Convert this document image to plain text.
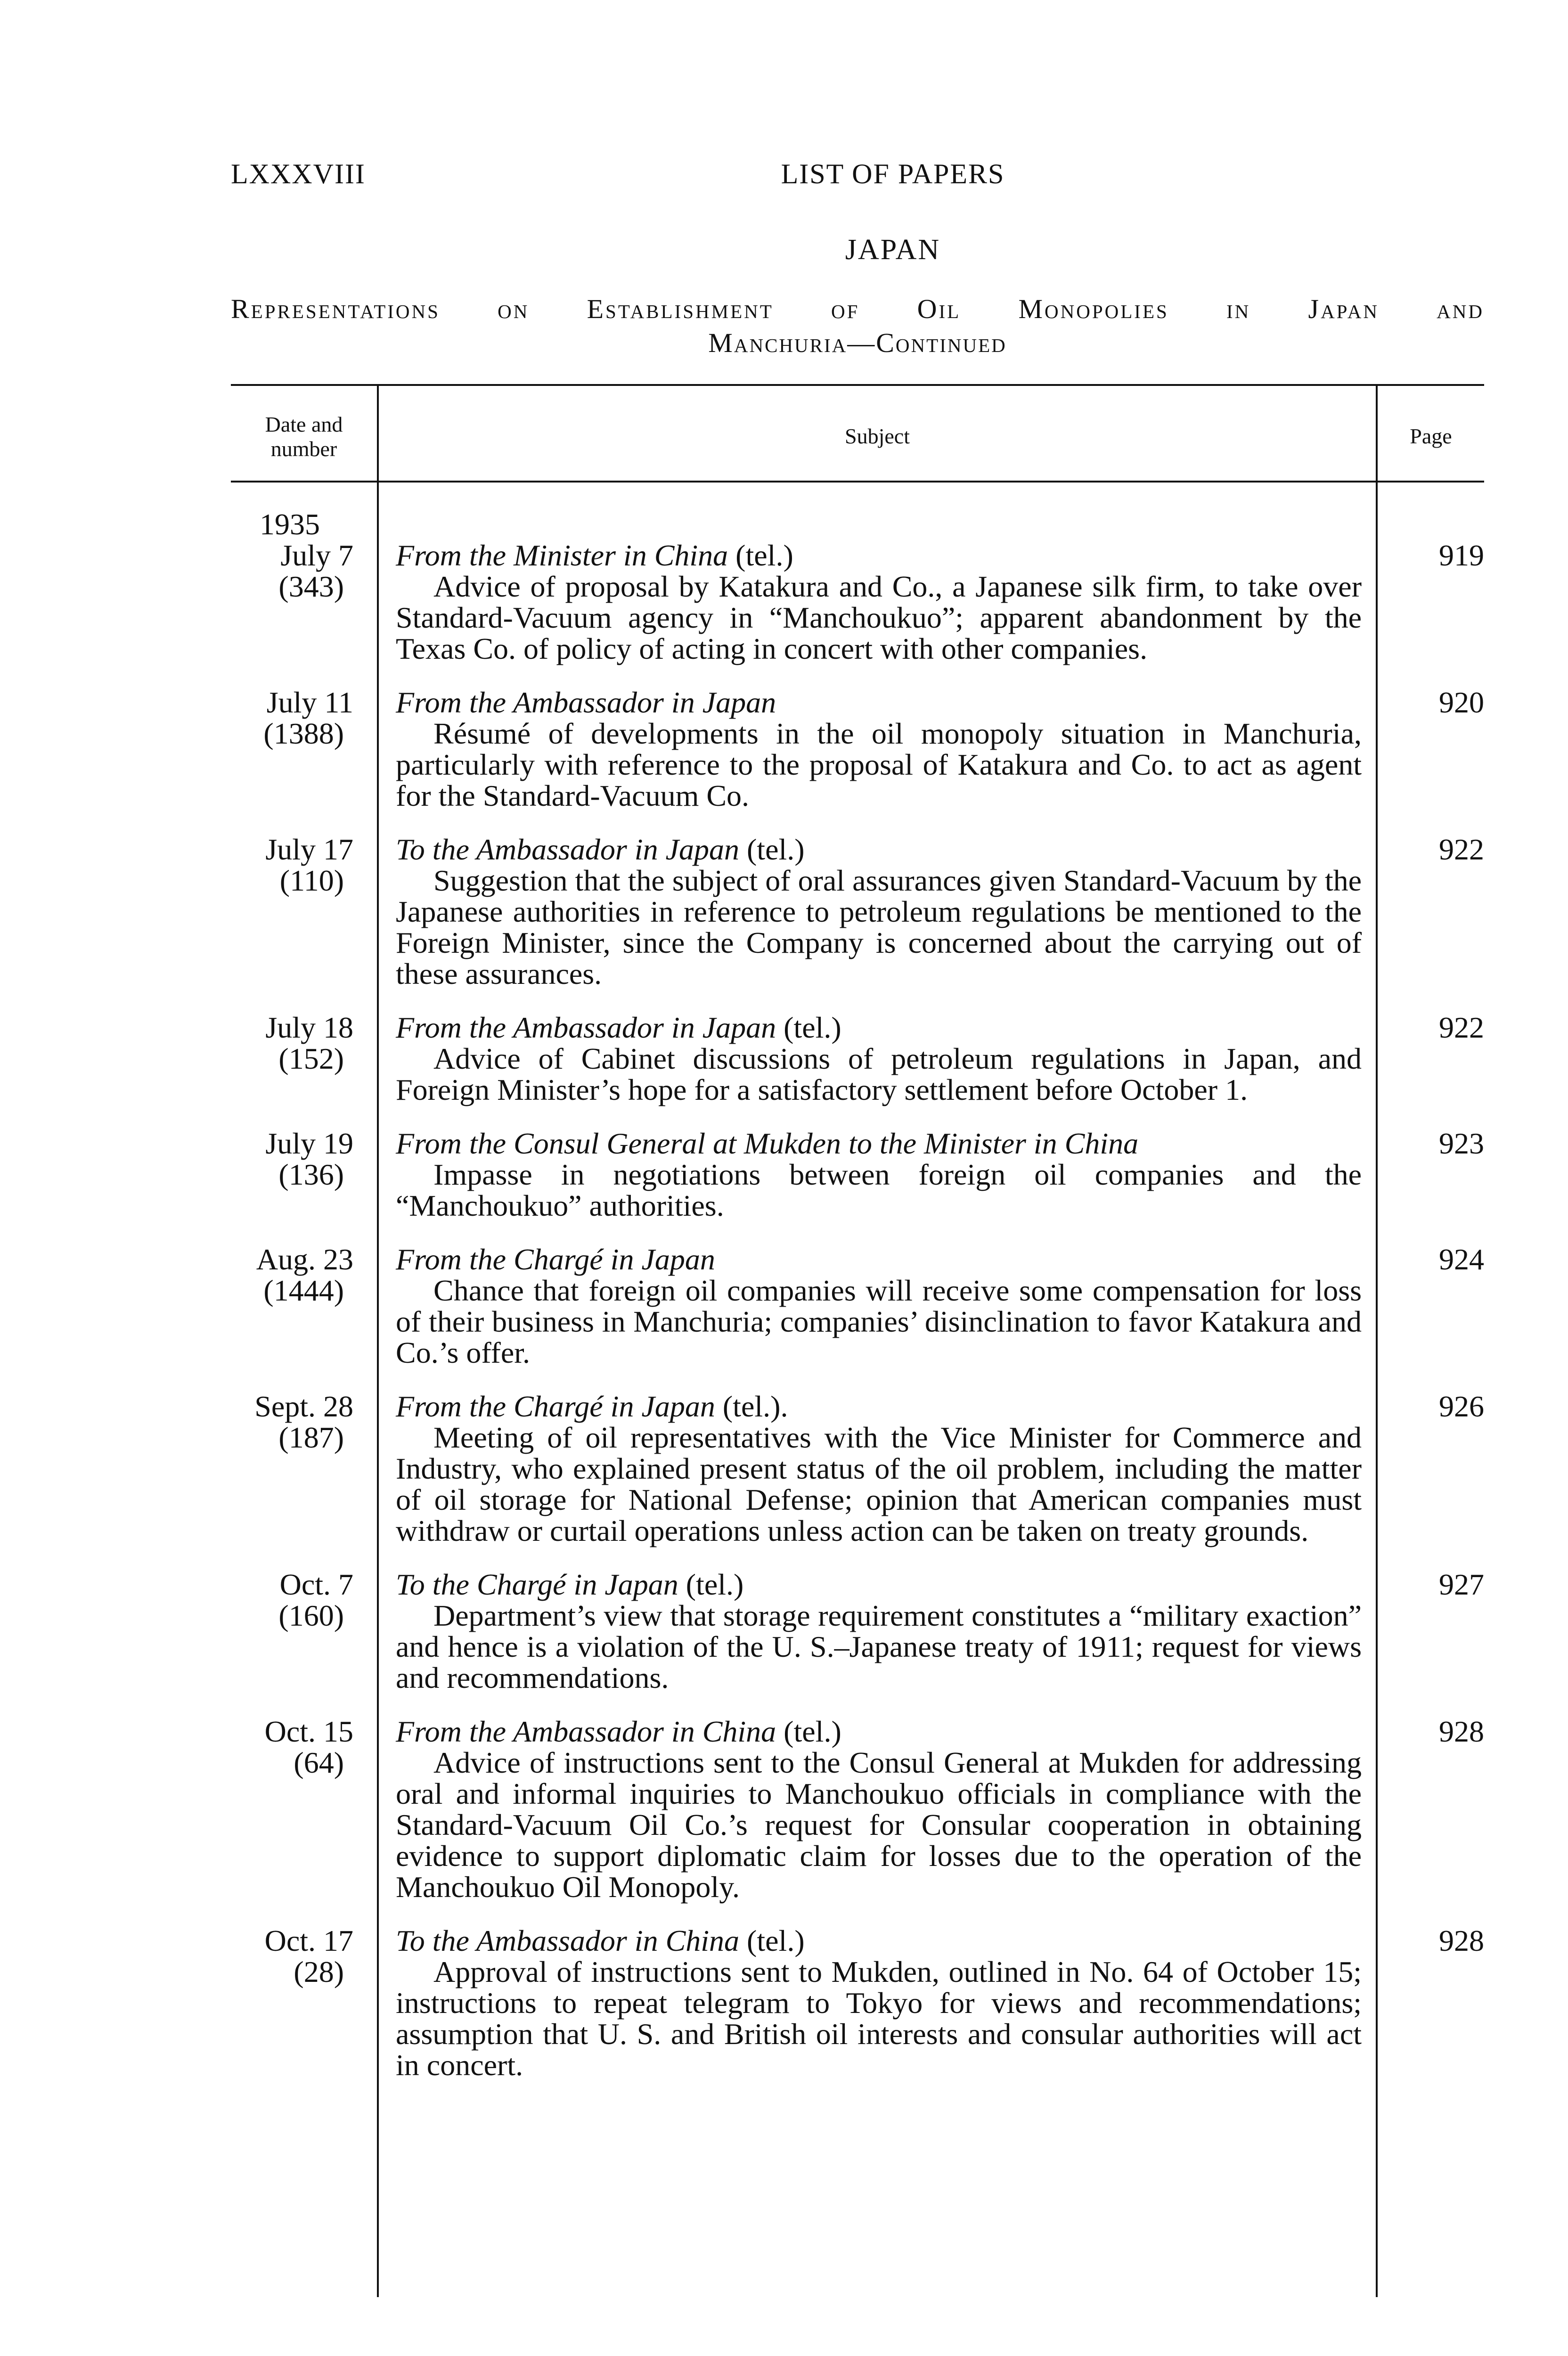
LXXXVIII	LIST OF PAPERS
JAPAN
Representations on Establishment of Oil Monopolies in Japan and
Manchuria—Continued
Date and number
Subject	Page
1935
July 7
(343)
From the Minister in China (tel.)
Advice of proposal by Katakura and Co., a Japanese silk firm, to take over Standard-Vacuum agency in “Manchoukuo”; apparent abandonment by the Texas Co. of policy of acting in concert with other companies.
919
July 11
(1388)
From the Ambassador in Japan
Résumé of developments in the oil monopoly situation in Manchuria, particularly with reference to the proposal of Katakura and Co. to act as agent for the Standard-Vacuum Co.
920
July 17
(110)
To the Ambassador in Japan (tel.)
Suggestion that the subject of oral assurances given Standard-Vacuum by the Japanese authorities in reference to petroleum regulations be mentioned to the Foreign Minister, since the Company is concerned about the carrying out of these assurances.
922
July 18
(152)
From the Ambassador in Japan (tel.)
Advice of Cabinet discussions of petroleum regulations in Japan, and Foreign Minister’s hope for a satisfactory settlement before October 1.
922
July 19
(136)
From the Consul General at Mukden to the Minister in China
Impasse in negotiations between foreign oil companies and the “Manchoukuo” authorities.
923
Aug. 23
(1444)
From the Chargé in Japan
Chance that foreign oil companies will receive some compensation for loss of their business in Manchuria; companies’ disinclination to favor Katakura and Co.’s offer.
924
Sept. 28
(187)
From the Chargé in Japan (tel.).
Meeting of oil representatives with the Vice Minister for Commerce and Industry, who explained present status of the oil problem, including the matter of oil storage for National Defense; opinion that American companies must withdraw or curtail operations unless action can be taken on treaty grounds.
926
Oct. 7
(160)
To the Chargé in Japan (tel.)
Department’s view that storage requirement constitutes a “military exaction” and hence is a violation of the U. S.–Japanese treaty of 1911; request for views and recommendations.
927
Oct. 15
(64)
From the Ambassador in China (tel.)
Advice of instructions sent to the Consul General at Mukden for addressing oral and informal inquiries to Manchoukuo officials in compliance with the Standard-Vacuum Oil Co.’s request for Consular cooperation in obtaining evidence to support diplomatic claim for losses due to the operation of the Manchoukuo Oil Monopoly.
928
Oct. 17
(28)
To the Ambassador in China (tel.)
Approval of instructions sent to Mukden, outlined in No. 64 of October 15; instructions to repeat telegram to Tokyo for views and recommendations; assumption that U. S. and British oil interests and consular authorities will act in concert.
928
